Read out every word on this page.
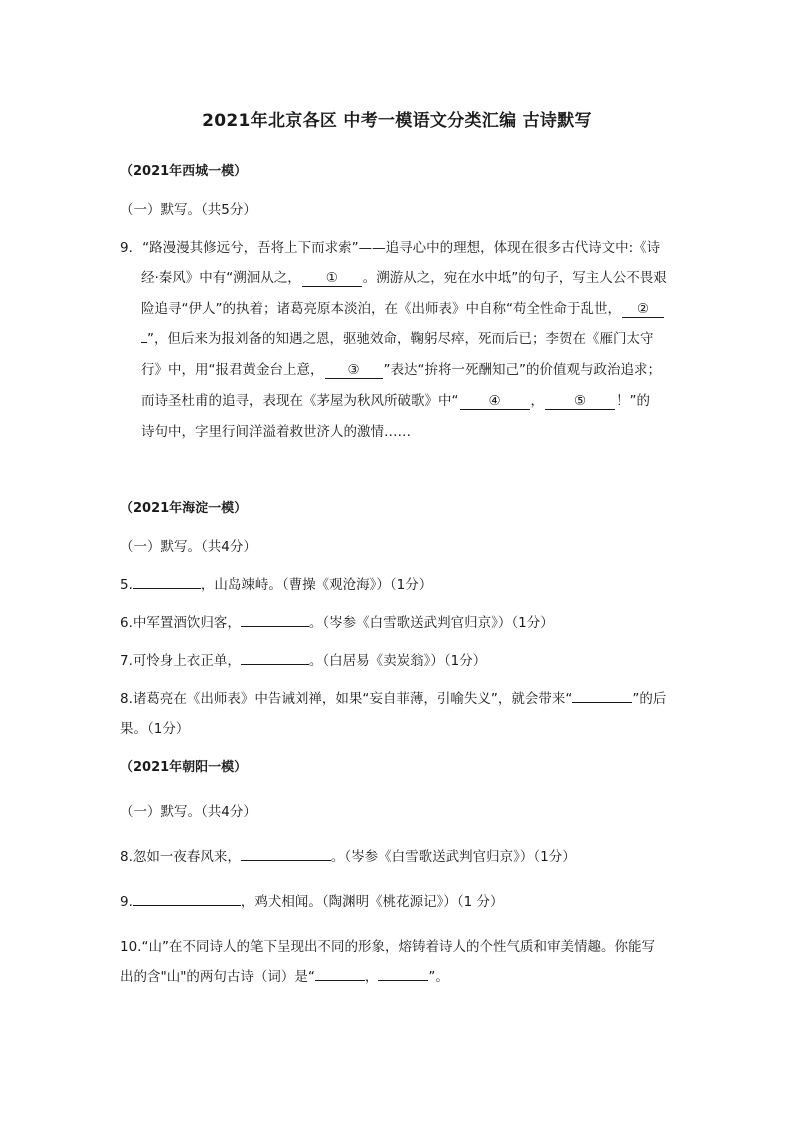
2021年北京各区 中考一模语文分类汇编 古诗默写
（2021年西城一模）
（一）默写。（共5分）
9．“路漫漫其修远兮，吾将上下而求索”——追寻心中的理想，体现在很多古代诗文中:《诗
经·秦风》中有“溯洄从之， ① 。溯游从之，宛在水中坻”的句子，写主人公不畏艰
险追寻“伊人”的执着；诸葛亮原本淡泊，在《出师表》中自称“苟全性命于乱世， ②
”，但后来为报刘备的知遇之恩，驱驰效命，鞠躬尽瘁，死而后已；李贺在《雁门太守
行》中，用“报君黄金台上意， ③ ”表达“拚将一死酬知己”的价值观与政治追求；
而诗圣杜甫的追寻，表现在《茅屋为秋风所破歌》中“ ④ ， ⑤ ！”的
诗句中，字里行间洋溢着救世济人的激情……
（2021年海淀一模）
（一）默写。（共4分）
5.	，山岛竦峙。（曹操《观沧海》）（1分）
6.中军置酒饮归客，	。（岑参《白雪歌送武判官归京》）（1分）
7.可怜身上衣正单，	。（白居易《卖炭翁》）（1分）
8.诸葛亮在《出师表》中告诫刘禅，如果“妄自菲薄，引喻失义”，就会带来“	”的后
果。（1分）
（2021年朝阳一模）
（一）默写。（共4分）
8.忽如一夜春风来，	。（岑参《白雪歌送武判官归京》）（1分）
9.	，鸡犬相闻。（陶渊明《桃花源记》）（1 分）
10.“山”在不同诗人的笔下呈现出不同的形象，熔铸着诗人的个性气质和审美情趣。你能写
出的含"山"的两句古诗（词）是“	，	”。
